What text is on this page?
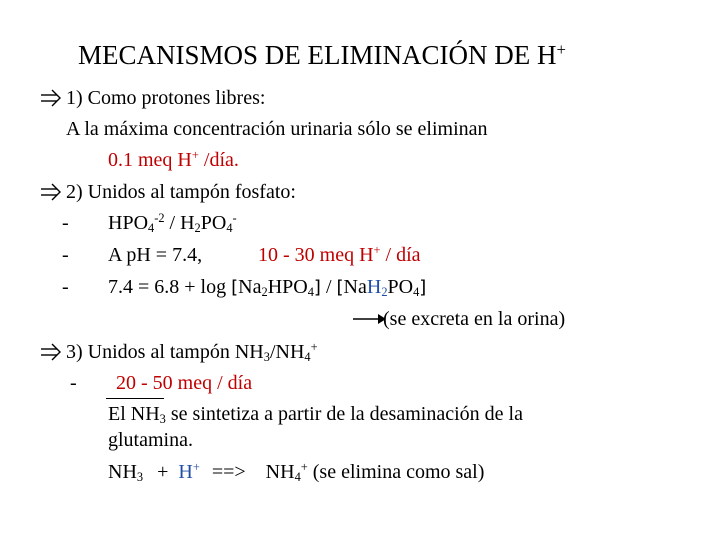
MECANISMOS DE ELIMINACIÓN DE H+
1) Como protones libres:
A la máxima concentración urinaria sólo se eliminan
0.1 meq H+ /día.
2) Unidos al tampón fosfato:
- $HPO_4^{-2} / H_2PO_4^-$
- A pH = 7.4,	10 - 30 meq H+ / día
- $7.4 = 6.8 + \log [Na_2HPO_4] / [NaH_2PO_4]$
(se excreta en la orina)
3) Unidos al tampón $NH_3/NH_4^+$
- 20 - 50 meq / día
El $NH_3$ se sintetiza a partir de la desaminación de la
glutamina.
$NH_3 + H^+$ ==> $NH_4^+$ (se elimina como sal)
